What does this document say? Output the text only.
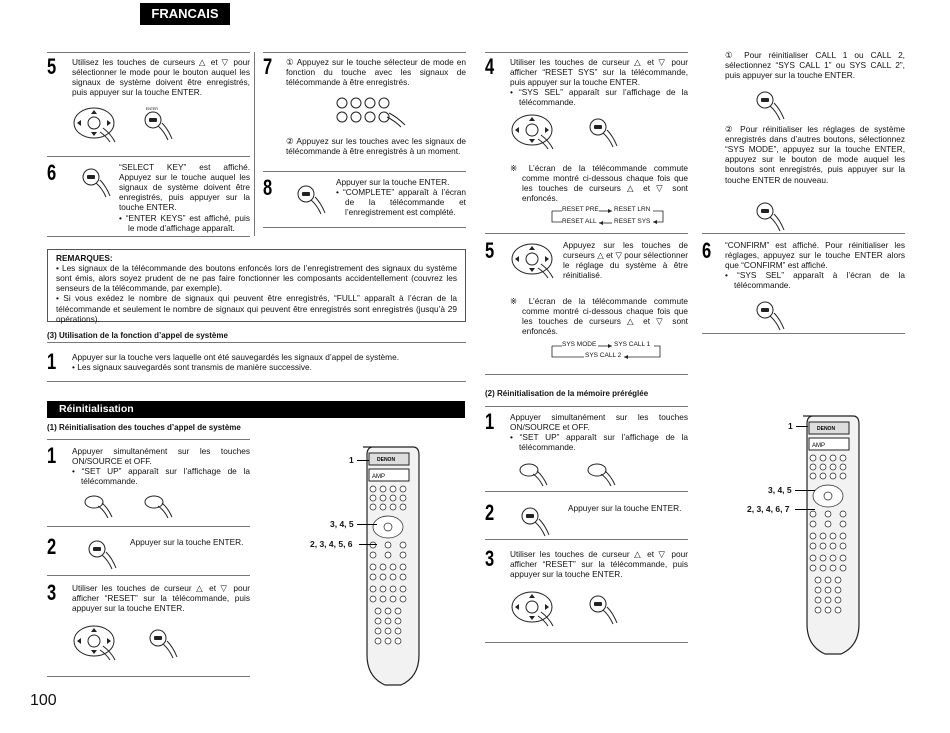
FRANCAIS
5 Utilisez les touches de curseurs △ et ▽ pour sélectionner le mode pour le bouton auquel les signaux de système doivent être enregistrés, puis appuyer sur la touche ENTER.
ENTER
6	“SELECT KEY” est affiché. Appuyez sur le touche auquel les signaux de système doivent être enregistrés, puis appuyer sur la touche ENTER.

• “ENTER KEYS” est affiché, puis le mode d’affichage apparaît.

7 ① Appuyez sur le touche sélecteur de mode en fonction du touche avec les signaux de télécommande à être enregistrés.
② Appuyez sur les touches avec les signaux de télécommande à être enregistrés à un moment.
8	Appuyer sur la touche ENTER.

• “COMPLETE” apparaît à l’écran de la télécommande et l’enregistrement est complété.

REMARQUES:
• Les signaux de la télécommande des boutons enfoncés lors de l’enregistrement des signaux du système sont émis, alors soyez prudent de ne pas faire fonctionner les composants accidentellement (couvrez les senseurs de la télécommande, par exemple).
• Si vous exédez le nombre de signaux qui peuvent être enregistrés, “FULL” apparaît à l’écran de la télécommande et seulement le nombre de signaux qui peuvent être enregistrés sont enregistrés (jusqu’à 29 opérations).
(3) Utilisation de la fonction d’appel de système
1 Appuyer sur la touche vers laquelle ont été sauvegardés les signaux d’appel de système.

• Les signaux sauvegardés sont transmis de manière successive.

Réinitialisation
(1) Réinitialisation des touches d’appel de système
1 Appuyer simultanément sur les touches ON/SOURCE et OFF.

• “SET UP” apparaît sur l’affichage de la télécommande.

2	Appuyer sur la touche ENTER.
3 Utiliser les touches de curseur △ et ▽ pour afficher “RESET” sur la télécommande, puis appuyer sur la touche ENTER.
DENON
AMP
1
3, 4, 5
2, 3, 4, 5, 6
100
4 Utiliser les touches de curseur △ et ▽ pour afficher “RESET SYS” sur la télécommande, puis appuyer sur la touche ENTER.

• “SYS SEL” apparaît sur l’affichage de la télécommande.

※ L’écran de la télécommande commute comme montré ci-dessous chaque fois que les touches de curseurs △ et ▽ sont enfoncés.
RESET PRE RESET LRN
RESET ALL	RESET SYS
5	Appuyez sur les touches de curseurs △ et ▽ pour sélectionner le réglage du système à être réinitialisé.
※ L’écran de la télécommande commute comme montré ci-dessous chaque fois que les touches de curseurs △ et ▽ sont enfoncés.
SYS MODE	SYS CALL 1
SYS CALL 2
① Pour réinitialiser CALL 1 ou CALL 2, sélectionnez “SYS CALL 1” ou SYS CALL 2”, puis appuyer sur la touche ENTER.
② Pour réinitialiser les réglages de système enregistrés dans d’autres boutons, sélectionnez “SYS MODE”, appuyez sur la touche ENTER, appuyez sur le bouton de mode auquel les boutons sont enregistrés, puis appuyer sur la touche ENTER de nouveau.
6 “CONFIRM” est affiché. Pour réinitialiser les réglages, appuyez sur le touche ENTER alors que “CONFIRM” est affiché.

• “SYS SEL” apparaît à l’écran de la télécommande.

(2) Réinitialisation de la mémoire préréglée
1 Appuyer simultanément sur les touches ON/SOURCE et OFF.

• “SET UP” apparaît sur l’affichage de la télécommande.

2	Appuyer sur la touche ENTER.
3 Utiliser les touches de curseur △ et ▽ pour afficher “RESET” sur la télécommande, puis appuyer sur la touche ENTER.
DENON
AMP
1
3, 4, 5
2, 3, 4, 6, 7
